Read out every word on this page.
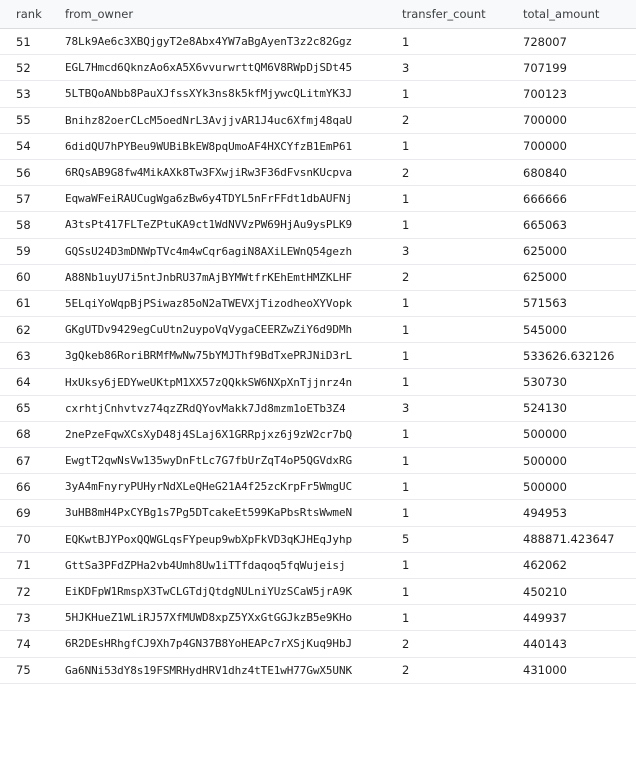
rank	from_owner	transfer_count	total_amount
51	78Lk9Ae6c3XBQjgyT2e8Abx4YW7aBgAyenT3z2c82Ggz	1	728007
52	EGL7Hmcd6QknzAo6xA5X6vvurwrttQM6V8RWpDjSDt45	3	707199
53	5LTBQoANbb8PauXJfssXYk3ns8k5kfMjywcQLitmYK3J	1	700123
55	Bnihz82oerCLcM5oedNrL3AvjjvAR1J4uc6Xfmj48qaU	2	700000
54	6didQU7hPYBeu9WUBiBkEW8pqUmoAF4HXCYfzB1EmP61	1	700000
56	6RQsAB9G8fw4MikAXk8Tw3FXwjiRw3F36dFvsnKUcpva	2	680840
57	EqwaWFeiRAUCugWga6zBw6y4TDYL5nFrFFdt1dbAUFNj	1	666666
58	A3tsPt417FLTeZPtuKA9ct1WdNVVzPW69HjAu9ysPLK9	1	665063
59	GQSsU24D3mDNWpTVc4m4wCqr6agiN8AXiLEWnQ54gezh	3	625000
60	A88Nb1uyU7i5ntJnbRU37mAjBYMWtfrKEhEmtHMZKLHF	2	625000
61	5ELqiYoWqpBjPSiwaz85oN2aTWEVXjTizodheoXYVopk	1	571563
62	GKgUTDv9429egCuUtn2uypoVqVygaCEERZwZiY6d9DMh	1	545000
63	3gQkeb86RoriBRMfMwNw75bYMJThf9BdTxePRJNiD3rL	1	533626.632126
64	HxUksy6jEDYweUKtpM1XX57zQQkkSW6NXpXnTjjnrz4n	1	530730
65	cxrhtjCnhvtvz74qzZRdQYovMakk7Jd8mzm1oETb3Z4	3	524130
68	2nePzeFqwXCsXyD48j4SLaj6X1GRRpjxz6j9zW2cr7bQ	1	500000
67	EwgtT2qwNsVw135wyDnFtLc7G7fbUrZqT4oP5QGVdxRG	1	500000
66	3yA4mFnyryPUHyrNdXLeQHeG21A4f25zcKrpFr5WmgUC	1	500000
69	3uHB8mH4PxCYBg1s7Pg5DTcakeEt599KaPbsRtsWwmeN	1	494953
70	EQKwtBJYPoxQQWGLqsFYpeup9wbXpFkVD3qKJHEqJyhp	5	488871.423647
71	GttSa3PFdZPHa2vb4Umh8Uw1iTTfdaqoq5fqWujeisj	1	462062
72	EiKDFpW1RmspX3TwCLGTdjQtdgNULniYUzSCaW5jrA9K	1	450210
73	5HJKHueZ1WLiRJ57XfMUWD8xpZ5YXxGtGGJkzB5e9KHo	1	449937
74	6R2DEsHRhgfCJ9Xh7p4GN37B8YoHEAPc7rXSjKuq9HbJ	2	440143
75	Ga6NNi53dY8s19FSMRHydHRV1dhz4tTE1wH77GwX5UNK	2	431000
